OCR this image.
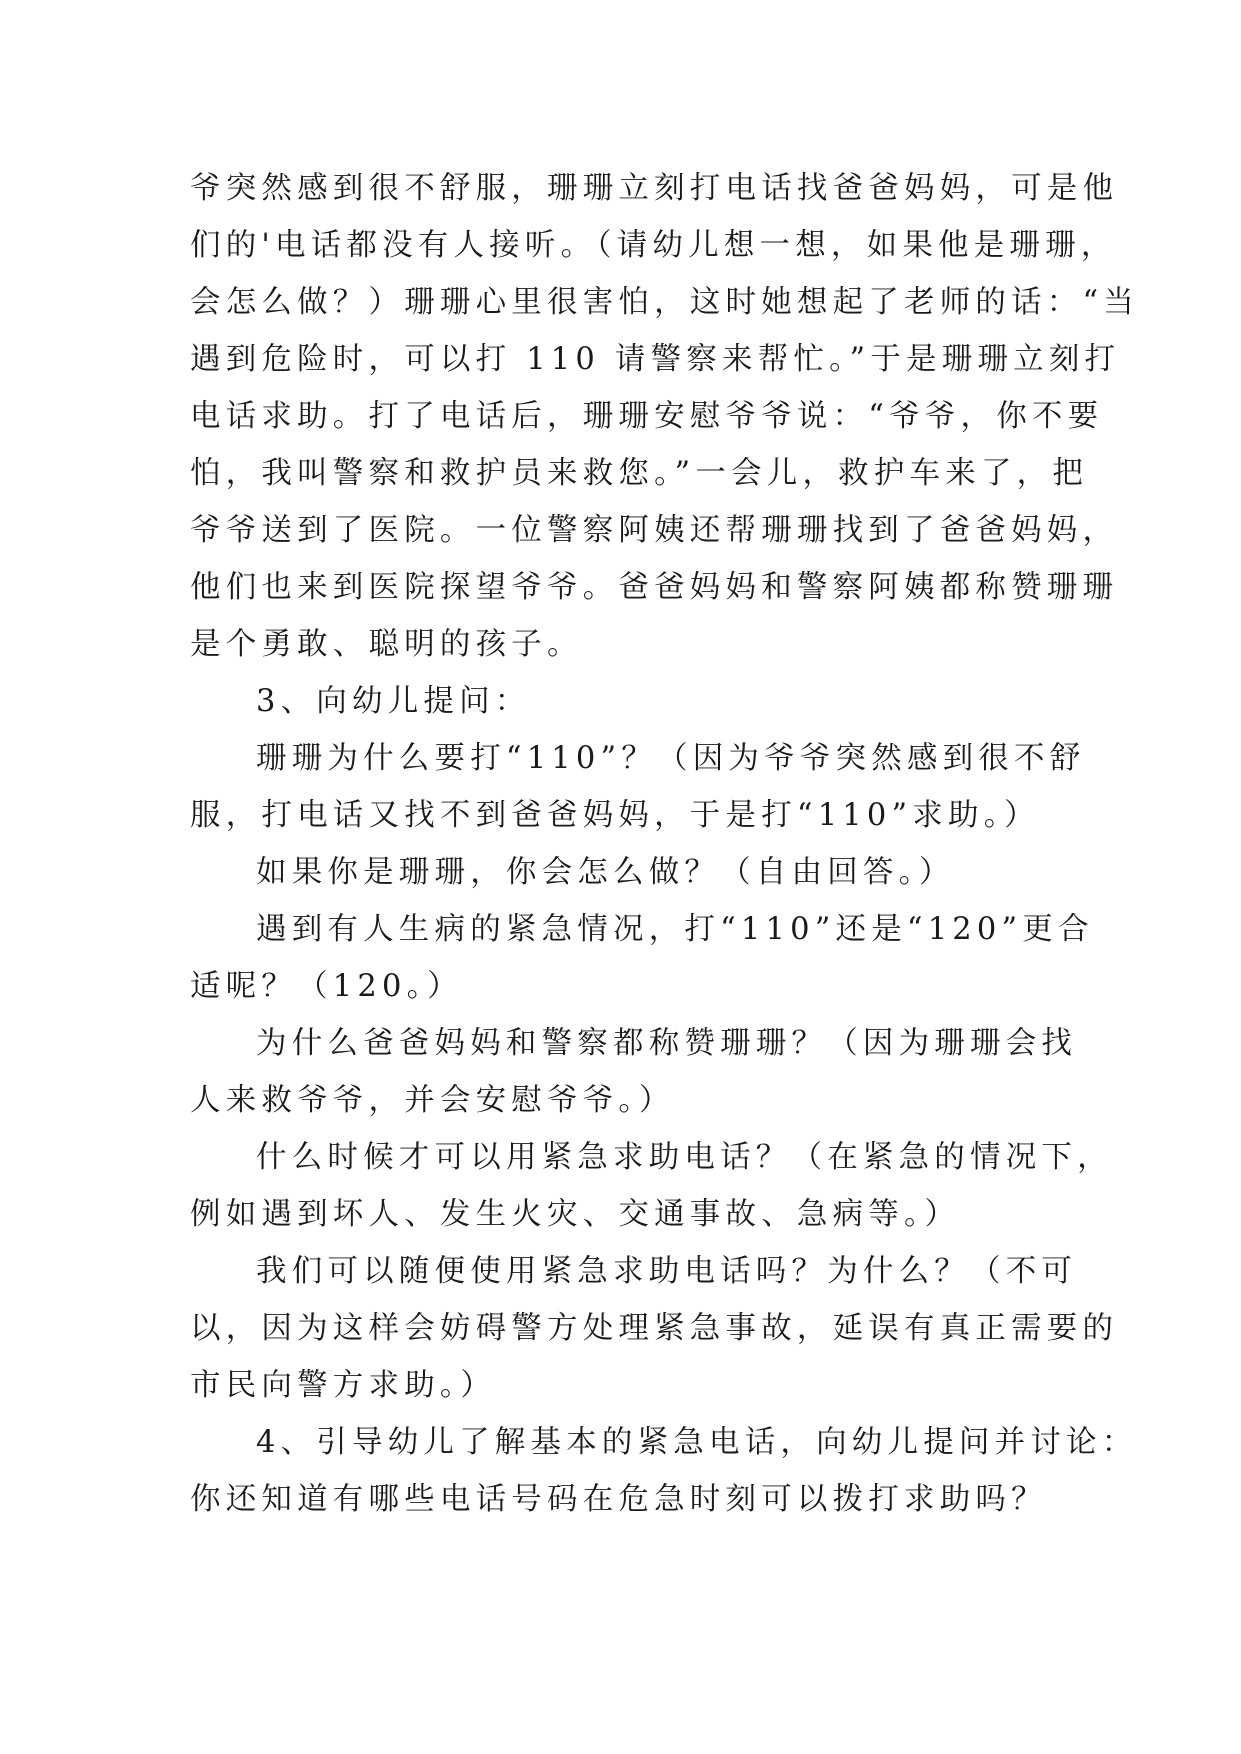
爷突然感到很不舒服，珊珊立刻打电话找爸爸妈妈，可是他
们的'电话都没有人接听。（请幼儿想一想，如果他是珊珊，
会怎么做？）珊珊心里很害怕，这时她想起了老师的话：“当
遇到危险时，可以打 110 请警察来帮忙。”于是珊珊立刻打
电话求助。打了电话后，珊珊安慰爷爷说：“爷爷，你不要
怕，我叫警察和救护员来救您。”一会儿，救护车来了，把
爷爷送到了医院。一位警察阿姨还帮珊珊找到了爸爸妈妈，
他们也来到医院探望爷爷。爸爸妈妈和警察阿姨都称赞珊珊
是个勇敢、聪明的孩子。
3、向幼儿提问：
珊珊为什么要打“110”？（因为爷爷突然感到很不舒
服，打电话又找不到爸爸妈妈，于是打“110”求助。）
如果你是珊珊，你会怎么做？（自由回答。）
遇到有人生病的紧急情况，打“110”还是“120”更合
适呢？（120。）
为什么爸爸妈妈和警察都称赞珊珊？（因为珊珊会找
人来救爷爷，并会安慰爷爷。）
什么时候才可以用紧急求助电话？（在紧急的情况下，
例如遇到坏人、发生火灾、交通事故、急病等。）
我们可以随便使用紧急求助电话吗？为什么？（不可
以，因为这样会妨碍警方处理紧急事故，延误有真正需要的
市民向警方求助。）
4、引导幼儿了解基本的紧急电话，向幼儿提问并讨论：
你还知道有哪些电话号码在危急时刻可以拨打求助吗？
